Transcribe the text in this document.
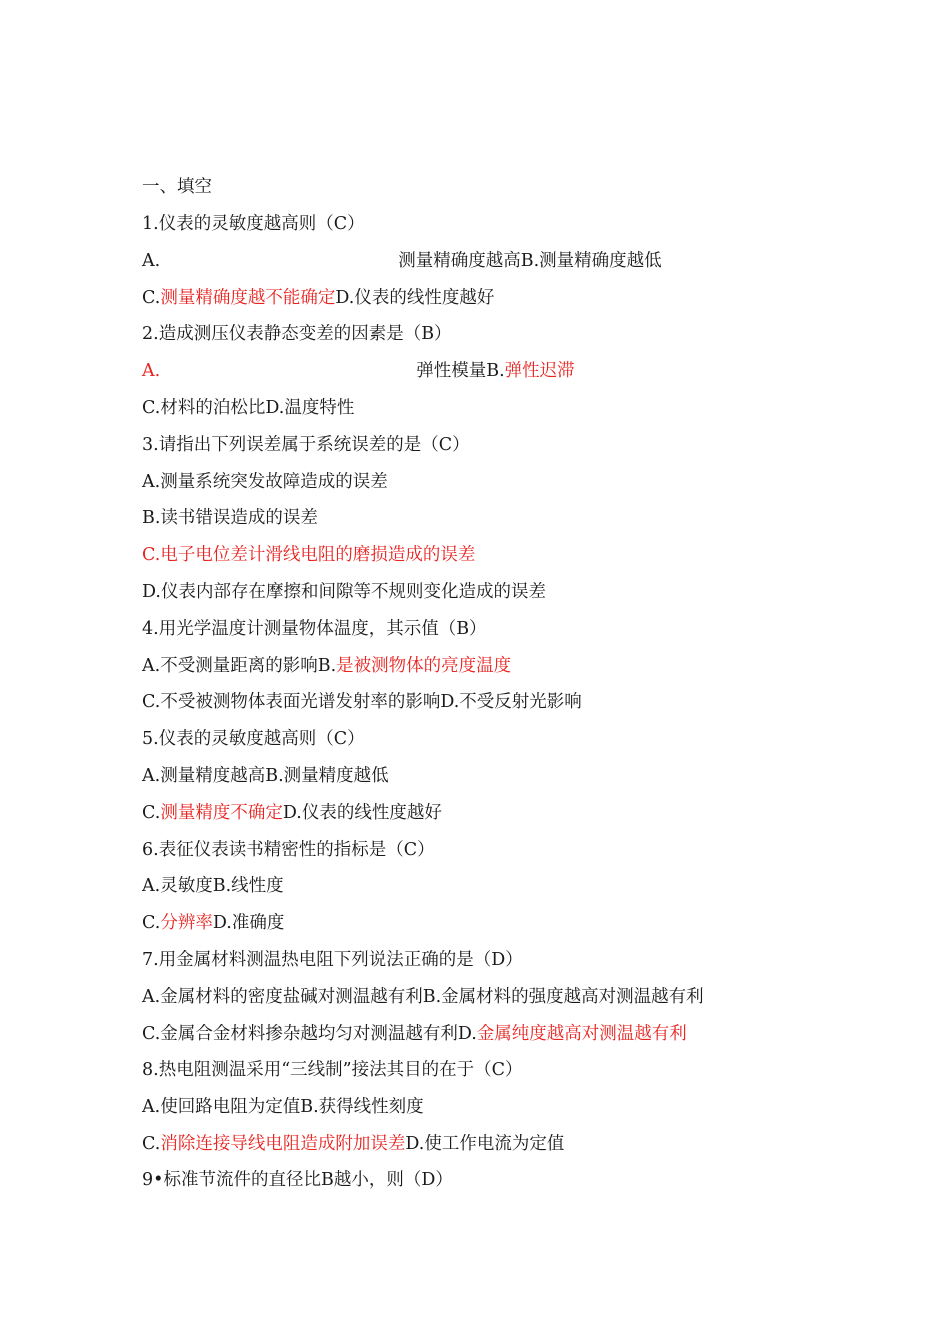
一、填空
1.仪表的灵敏度越高则（C）
A.	测量精确度越高B.测量精确度越低
C.测量精确度越不能确定D.仪表的线性度越好
2.造成测压仪表静态变差的因素是（B）
A.	弹性模量B.弹性迟滞
C.材料的泊松比D.温度特性
3.请指出下列误差属于系统误差的是（C）
A.测量系统突发故障造成的误差
B.读书错误造成的误差
C.电子电位差计滑线电阻的磨损造成的误差
D.仪表内部存在摩擦和间隙等不规则变化造成的误差
4.用光学温度计测量物体温度，其示值（B）
A.不受测量距离的影响B.是被测物体的亮度温度
C.不受被测物体表面光谱发射率的影响D.不受反射光影响
5.仪表的灵敏度越高则（C）
A.测量精度越高B.测量精度越低
C.测量精度不确定D.仪表的线性度越好
6.表征仪表读书精密性的指标是（C）
A.灵敏度B.线性度
C.分辨率D.准确度
7.用金属材料测温热电阻下列说法正确的是（D）
A.金属材料的密度盐碱对测温越有利B.金属材料的强度越高对测温越有利
C.金属合金材料掺杂越均匀对测温越有利D.金属纯度越高对测温越有利
8.热电阻测温采用“三线制”接法其目的在于（C）
A.使回路电阻为定值B.获得线性刻度
C.消除连接导线电阻造成附加误差D.使工作电流为定值
9•标准节流件的直径比B越小，则（D）
